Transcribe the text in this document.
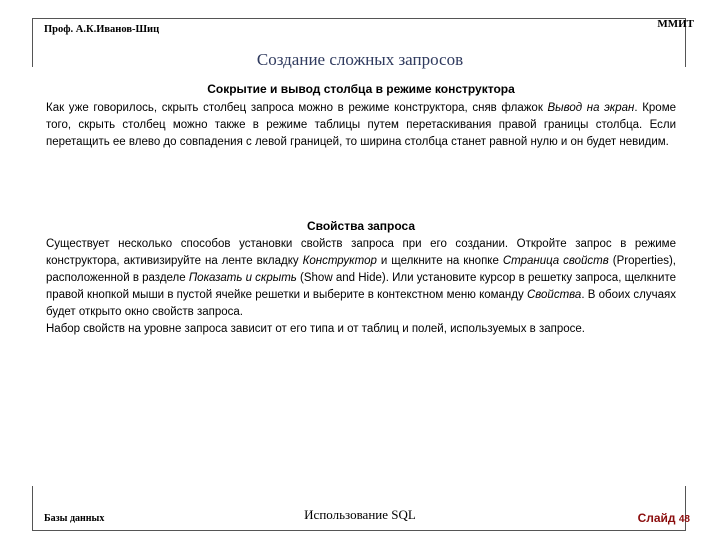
Проф. А.К.Иванов-Шиц	ММИТ
Создание сложных запросов
Сокрытие и вывод столбца в режиме конструктора
Как уже говорилось, скрыть столбец запроса можно в режиме конструктора, сняв флажок Вывод на экран. Кроме того, скрыть столбец можно также в режиме таблицы путем перетаскивания правой границы столбца. Если перетащить ее влево до совпадения с левой границей, то ширина столбца станет равной нулю и он будет невидим.
Свойства запроса
Существует несколько способов установки свойств запроса при его создании. Откройте запрос в режиме конструктора, активизируйте на ленте вкладку Конструктор и щелкните на кнопке Страница свойств (Properties), расположенной в разделе Показать и скрыть (Show and Hide). Или установите курсор в решетку запроса, щелкните правой кнопкой мыши в пустой ячейке решетки и выберите в контекстном меню команду Свойства. В обоих случаях будет открыто окно свойств запроса.
Набор свойств на уровне запроса зависит от его типа и от таблиц и полей, используемых в запросе.
Базы данных	Использование SQL	Слайд 48
